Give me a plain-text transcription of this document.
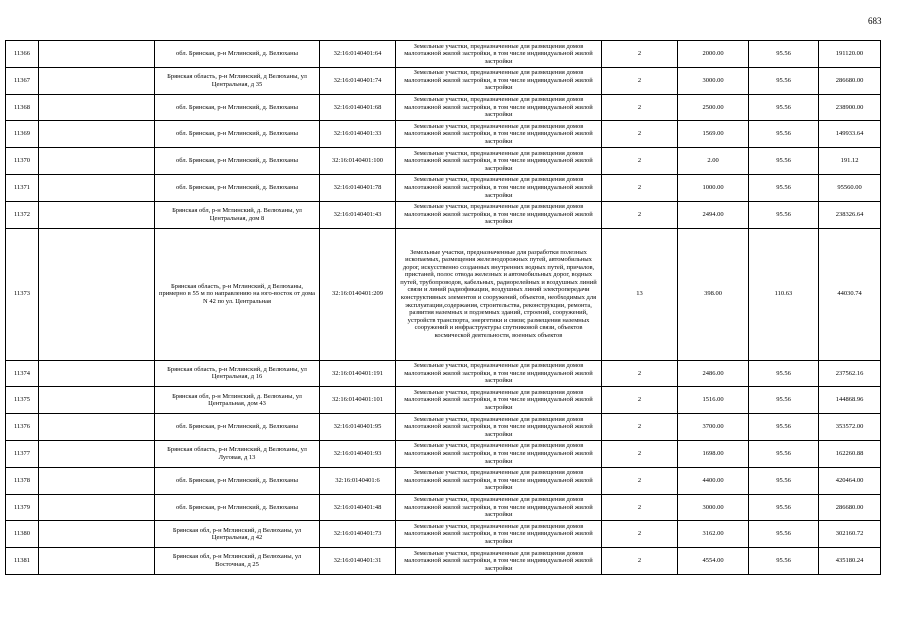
683
11366		обл. Брянская, р-н Мглинский, д. Велюханы	32:16:0140401:64	Земельные участки, предназначенные для размещения домов малоэтажной жилой застройки, в том числе индивидуальной жилой застройки	2	2000.00	95.56	191120.00
11367		Брянская область, р-н Мглинский, д Велюханы, ул Центральная, д 35	32:16:0140401:74	Земельные участки, предназначенные для размещения домов малоэтажной жилой застройки, в том числе индивидуальной жилой застройки	2	3000.00	95.56	286680.00
11368		обл. Брянская, р-н Мглинский, д. Велюханы	32:16:0140401:68	Земельные участки, предназначенные для размещения домов малоэтажной жилой застройки, в том числе индивидуальной жилой застройки	2	2500.00	95.56	238900.00
11369		обл. Брянская, р-н Мглинский, д. Велюханы	32:16:0140401:33	Земельные участки, предназначенные для размещения домов малоэтажной жилой застройки, в том числе индивидуальной жилой застройки	2	1569.00	95.56	149933.64
11370		обл. Брянская, р-н Мглинский, д. Велюханы	32:16:0140401:100	Земельные участки, предназначенные для размещения домов малоэтажной жилой застройки, в том числе индивидуальной жилой застройки	2	2.00	95.56	191.12
11371		обл. Брянская, р-н Мглинский, д. Велюханы	32:16:0140401:78	Земельные участки, предназначенные для размещения домов малоэтажной жилой застройки, в том числе индивидуальной жилой застройки	2	1000.00	95.56	95560.00
11372		Брянская обл, р-н Мглинский, д. Велюханы, ул Центральная, дом 8	32:16:0140401:43	Земельные участки, предназначенные для размещения домов малоэтажной жилой застройки, в том числе индивидуальной жилой застройки	2	2494.00	95.56	238326.64
11373		Брянская область, р-н Мглинский, д Велюханы, примерно в 55 м по направлению на юго-восток от дома N 42 по ул. Центральная	32:16:0140401:209	Земельные участки, предназначенные для разработки полезных ископаемых, размещения железнодорожных путей, автомобильных дорог, искусственно созданных внутренних водных путей, причалов, пристаней, полос отвода железных и автомобильных дорог, водных путей, трубопроводов, кабельных, радиорелейных и воздушных линий связи и линий радиофикации, воздушных линий электропередачи конструктивных элементов и сооружений, объектов, необходимых для эксплуатации,содержания, строительства, реконструкции, ремонта, развития наземных и подземных зданий, строений, сооружений, устройств транспорта, энергетики и связи; размещения наземных сооружений и инфраструктуры спутниковой связи, объектов космической деятельности, военных объектов	13	398.00	110.63	44030.74
11374		Брянская область, р-н Мглинский, д Велюханы, ул Центральная, д 16	32:16:0140401:191	Земельные участки, предназначенные для размещения домов малоэтажной жилой застройки, в том числе индивидуальной жилой застройки	2	2486.00	95.56	237562.16
11375		Брянская обл, р-н Мглинский, д. Велюханы, ул Центральная, дом 43	32:16:0140401:101	Земельные участки, предназначенные для размещения домов малоэтажной жилой застройки, в том числе индивидуальной жилой застройки	2	1516.00	95.56	144868.96
11376		обл. Брянская, р-н Мглинский, д. Велюханы	32:16:0140401:95	Земельные участки, предназначенные для размещения домов малоэтажной жилой застройки, в том числе индивидуальной жилой застройки	2	3700.00	95.56	353572.00
11377		Брянская область, р-н Мглинский, д Велюханы, ул Луговая, д 13	32:16:0140401:93	Земельные участки, предназначенные для размещения домов малоэтажной жилой застройки, в том числе индивидуальной жилой застройки	2	1698.00	95.56	162260.88
11378		обл. Брянская, р-н Мглинский, д. Велюханы	32:16:0140401:6	Земельные участки, предназначенные для размещения домов малоэтажной жилой застройки, в том числе индивидуальной жилой застройки	2	4400.00	95.56	420464.00
11379		обл. Брянская, р-н Мглинский, д. Велюханы	32:16:0140401:48	Земельные участки, предназначенные для размещения домов малоэтажной жилой застройки, в том числе индивидуальной жилой застройки	2	3000.00	95.56	286680.00
11380		Брянская обл, р-н Мглинский, д Велюханы, ул Центральная, д 42	32:16:0140401:73	Земельные участки, предназначенные для размещения домов малоэтажной жилой застройки, в том числе индивидуальной жилой застройки	2	3162.00	95.56	302160.72
11381		Брянская обл, р-н Мглинский, д Велюханы, ул Восточная, д 25	32:16:0140401:31	Земельные участки, предназначенные для размещения домов малоэтажной жилой застройки, в том числе индивидуальной жилой застройки	2	4554.00	95.56	435180.24
